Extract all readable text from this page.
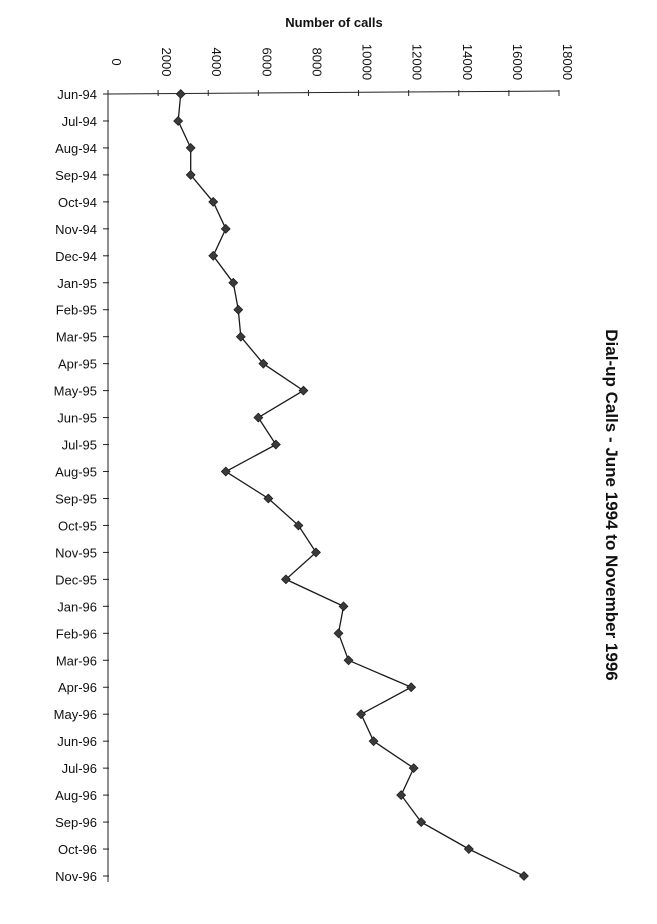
0	2000	4000	6000	8000	10000	12000	14000	16000	18000
Jun-94
Jul-94
Aug-94
Sep-94
Oct-94
Nov-94
Dec-94
Jan-95
Feb-95
Mar-95
Apr-95
May-95
Jun-95
Jul-95
Aug-95
Sep-95
Oct-95
Nov-95
Dec-95
Jan-96
Feb-96
Mar-96
Apr-96
May-96
Jun-96
Jul-96
Aug-96
Sep-96
Oct-96
Nov-96
Number of calls
Dial-up Calls - June 1994 to November 1996
